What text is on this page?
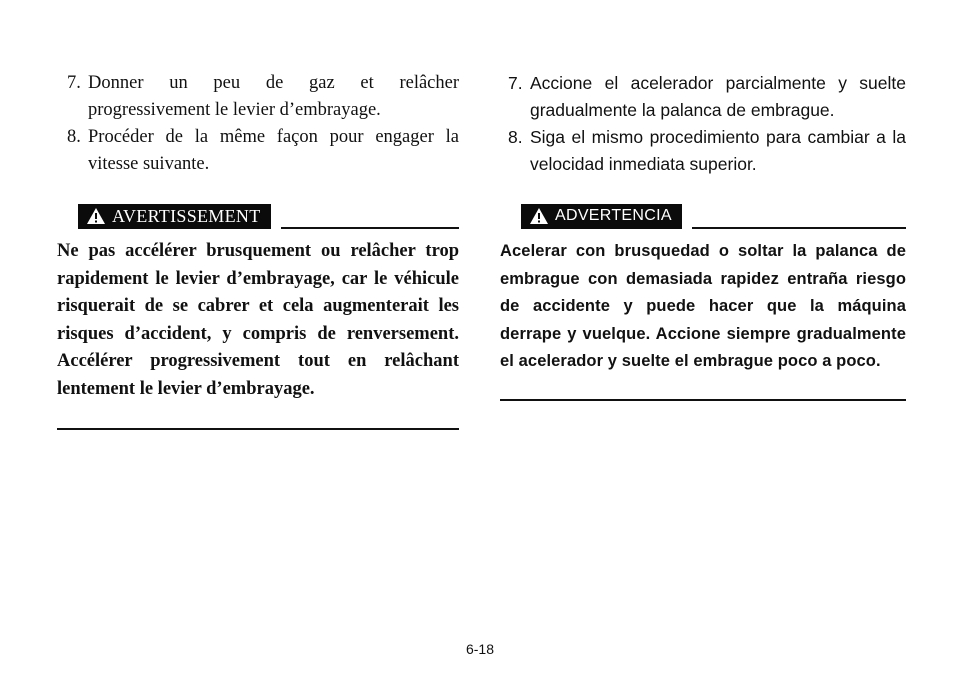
7. Donner un peu de gaz et relâcher progressivement le levier d’embrayage.
8. Procéder de la même façon pour engager la vitesse suivante.
AVERTISSEMENT

Ne pas accélérer brusquement ou relâcher trop rapidement le levier d’embrayage, car le véhicule risquerait de se cabrer et cela augmenterait les risques d’accident, y compris de renversement. Accélérer progressivement tout en relâchant lentement le levier d’embrayage.

7. Accione el acelerador parcialmente y suelte gradualmente la palanca de embrague.
8. Siga el mismo procedimiento para cambiar a la velocidad inmediata superior.
ADVERTENCIA

Acelerar con brusquedad o soltar la palanca de embrague con demasiada rapidez entraña riesgo de accidente y puede hacer que la máquina derrape y vuelque. Accione siempre gradualmente el acelerador y suelte el embrague poco a poco.

6-18
